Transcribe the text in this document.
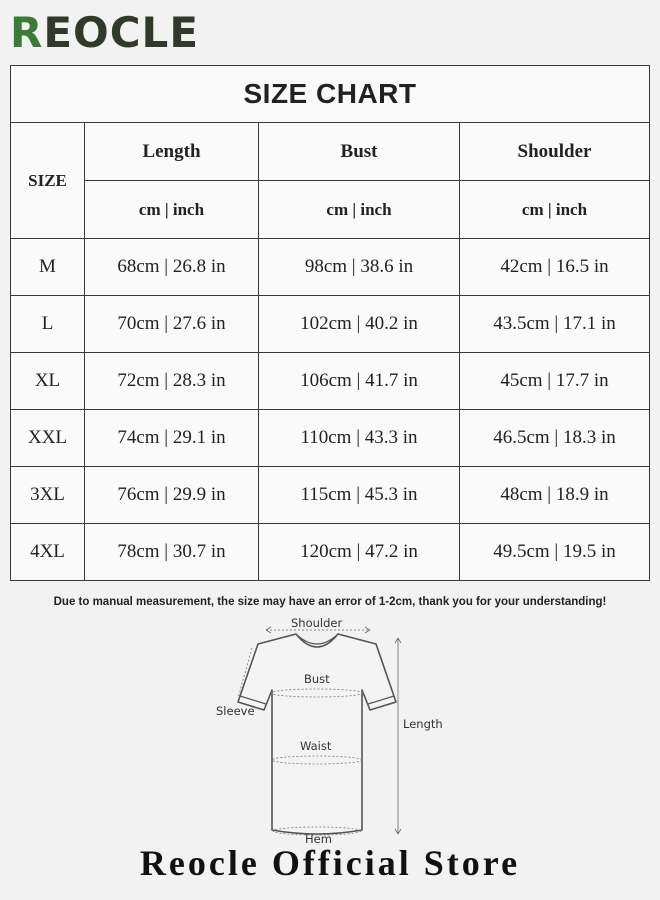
REOCLE
SIZE CHART			
SIZE	Length	Bust	Shoulder
	cm | inch	cm | inch	cm | inch
M	68cm | 26.8 in	98cm | 38.6 in	42cm | 16.5 in
L	70cm | 27.6 in	102cm | 40.2 in	43.5cm | 17.1 in
XL	72cm | 28.3 in	106cm | 41.7 in	45cm | 17.7 in
XXL	74cm | 29.1 in	110cm | 43.3 in	46.5cm | 18.3 in
3XL	76cm | 29.9 in	115cm | 45.3 in	48cm | 18.9 in
4XL	78cm | 30.7 in	120cm | 47.2 in	49.5cm | 19.5 in
Due to manual measurement, the size may have an error of 1-2cm, thank you for your understanding!
Shoulder
Bust
Sleeve
Waist
Length
Hem
Reocle Official Store
